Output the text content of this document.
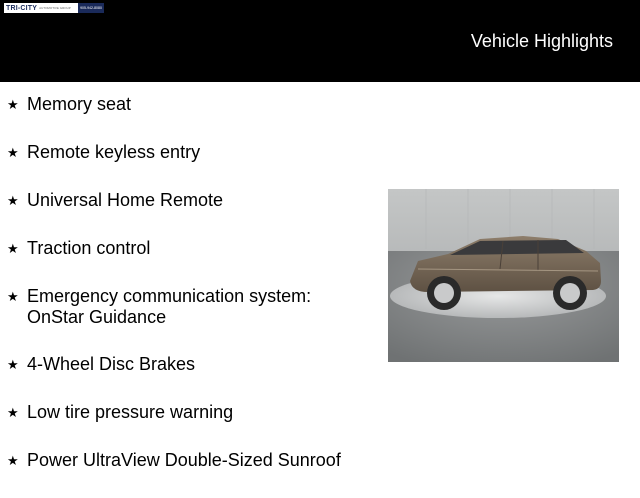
TRI-CITY AUTOMOTIVE GROUP	905-942-8080
Vehicle Highlights
★ Memory seat
★ Remote keyless entry
★ Universal Home Remote
★ Traction control
★ Emergency communication system:
OnStar Guidance
★ 4-Wheel Disc Brakes
★ Low tire pressure warning
★ Power UltraView Double-Sized Sunroof
